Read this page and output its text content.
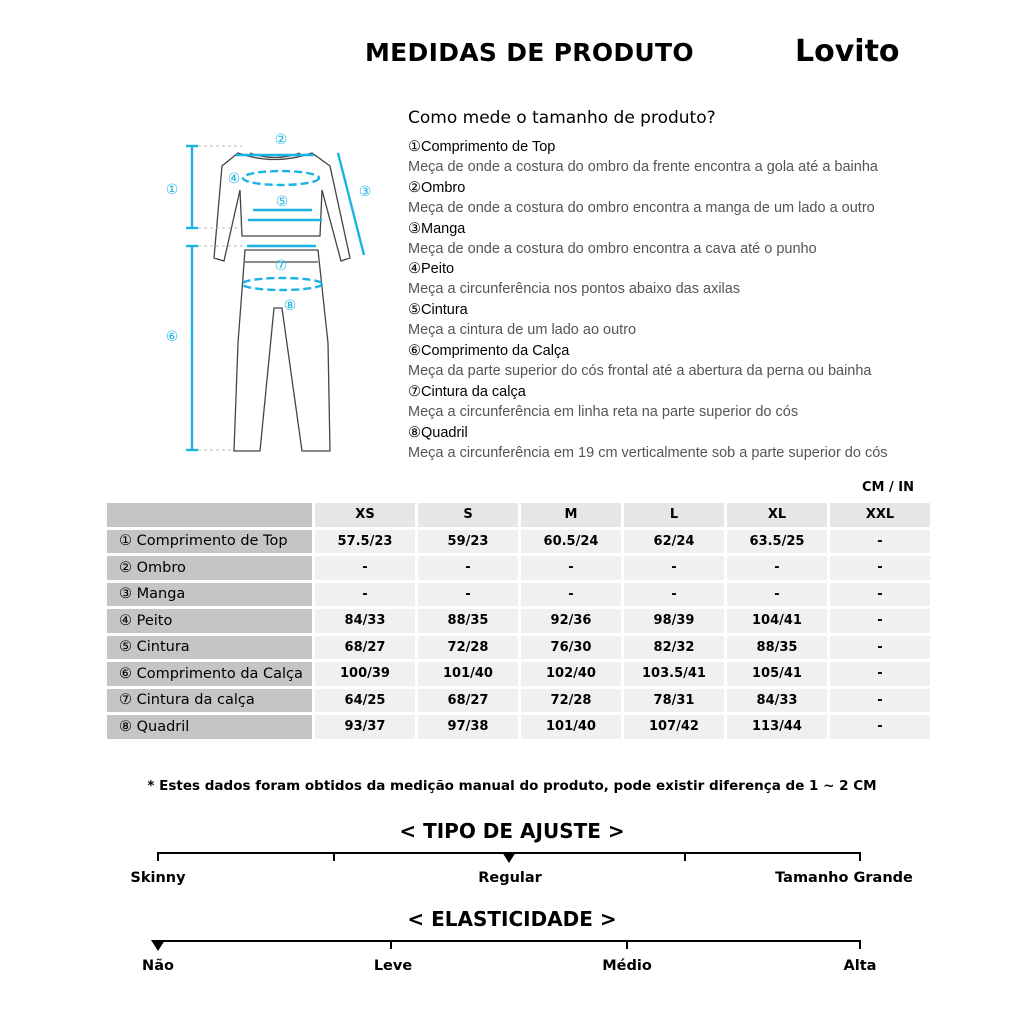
MEDIDAS DE PRODUTO	Lovito
①
②
③
④
⑤
⑥
⑦
⑧
Como mede o tamanho de produto?
①Comprimento de Top
Meça de onde a costura do ombro da frente encontra a gola até a bainha
②Ombro
Meça de onde a costura do ombro encontra a manga de um lado a outro
③Manga
Meça de onde a costura do ombro encontra a cava até o punho
④Peito
Meça a circunferência nos pontos abaixo das axilas
⑤Cintura
Meça a cintura de um lado ao outro
⑥Comprimento da Calça
Meça da parte superior do cós frontal até a abertura da perna ou bainha
⑦Cintura da calça
Meça a circunferência em linha reta na parte superior do cós
⑧Quadril
Meça a circunferência em 19 cm verticalmente sob a parte superior do cós
CM / IN
	XS	S	M	L	XL	XXL
① Comprimento de Top	57.5/23	59/23	60.5/24	62/24	63.5/25	-
② Ombro	-	-	-	-	-	-
③ Manga	-	-	-	-	-	-
④ Peito	84/33	88/35	92/36	98/39	104/41	-
⑤ Cintura	68/27	72/28	76/30	82/32	88/35	-
⑥ Comprimento da Calça	100/39	101/40	102/40	103.5/41	105/41	-
⑦ Cintura da calça	64/25	68/27	72/28	78/31	84/33	-
⑧ Quadril	93/37	97/38	101/40	107/42	113/44	-
* Estes dados foram obtidos da medição manual do produto, pode existir diferença de 1 ~ 2 CM
< TIPO DE AJUSTE >
Skinny	Regular	Tamanho Grande
< ELASTICIDADE >
Não	Leve	Médio	Alta
